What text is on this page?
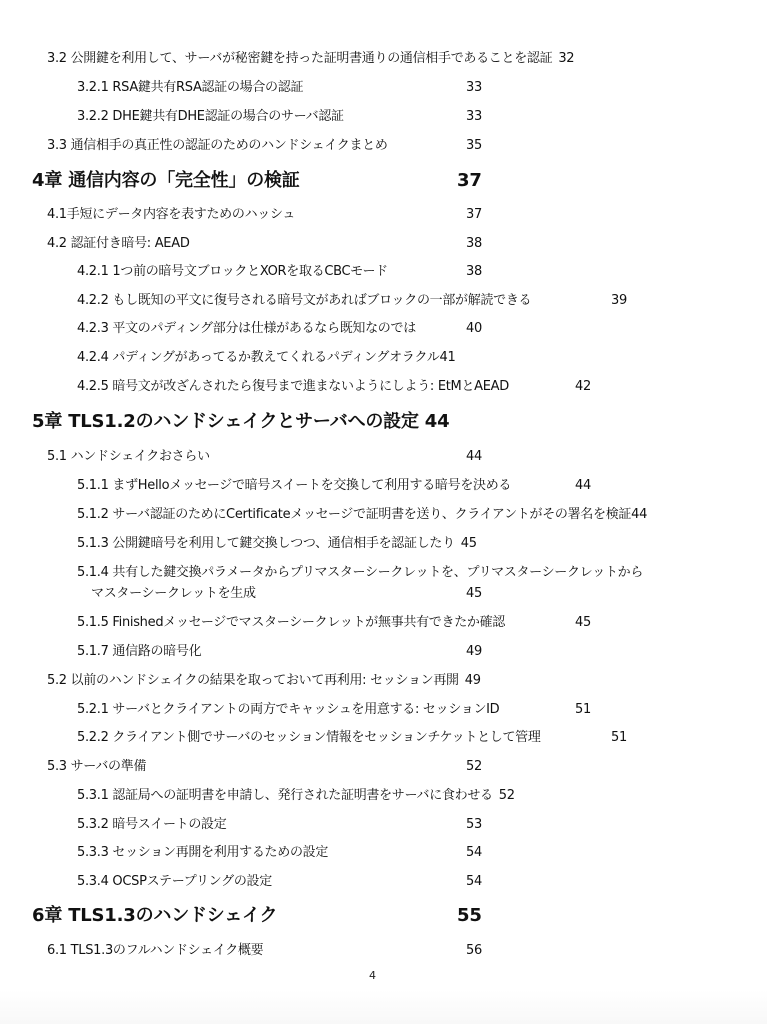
3.2 公開鍵を利用して、サーバが秘密鍵を持った証明書通りの通信相手であることを認証 32
3.2.1 RSA鍵共有RSA認証の場合の認証	33
3.2.2 DHE鍵共有DHE認証の場合のサーバ認証	33
3.3 通信相手の真正性の認証のためのハンドシェイクまとめ	35
4章 通信内容の「完全性」の検証	37
4.1手短にデータ内容を表すためのハッシュ	37
4.2 認証付き暗号: AEAD	38
4.2.1 1つ前の暗号文ブロックとXORを取るCBCモード	38
4.2.2 もし既知の平文に復号される暗号文があればブロックの一部が解読できる	39
4.2.3 平文のパディング部分は仕様があるなら既知なのでは	40
4.2.4 パディングがあってるか教えてくれるパディングオラクル41
4.2.5 暗号文が改ざんされたら復号まで進まないようにしよう: EtMとAEAD	42
5章 TLS1.2のハンドシェイクとサーバへの設定 44
5.1 ハンドシェイクおさらい	44
5.1.1 まずHelloメッセージで暗号スイートを交換して利用する暗号を決める	44
5.1.2 サーバ認証のためにCertificateメッセージで証明書を送り、クライアントがその署名を検証44
5.1.3 公開鍵暗号を利用して鍵交換しつつ、通信相手を認証したり 45
5.1.4 共有した鍵交換パラメータからプリマスターシークレットを、プリマスターシークレットから
マスターシークレットを生成	45
5.1.5 Finishedメッセージでマスターシークレットが無事共有できたか確認	45
5.1.7 通信路の暗号化	49
5.2 以前のハンドシェイクの結果を取っておいて再利用: セッション再開 49
5.2.1 サーバとクライアントの両方でキャッシュを用意する: セッションID	51
5.2.2 クライアント側でサーバのセッション情報をセッションチケットとして管理	51
5.3 サーバの準備	52
5.3.1 認証局への証明書を申請し、発行された証明書をサーバに食わせる 52
5.3.2 暗号スイートの設定	53
5.3.3 セッション再開を利用するための設定	54
5.3.4 OCSPステープリングの設定	54
6章 TLS1.3のハンドシェイク	55
6.1 TLS1.3のフルハンドシェイク概要	56
4
